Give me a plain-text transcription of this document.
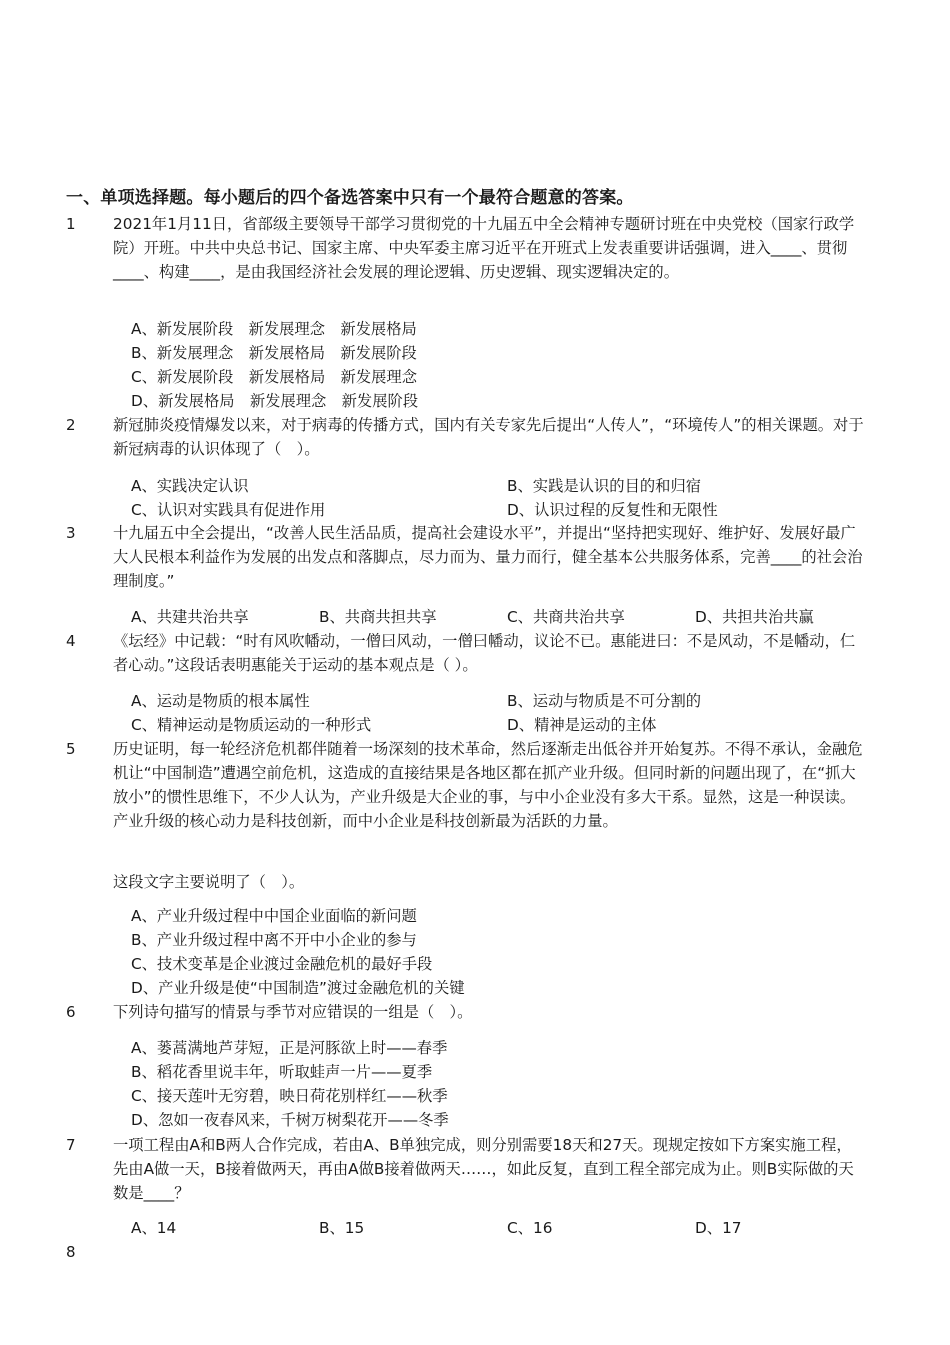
一、单项选择题。每小题后的四个备选答案中只有一个最符合题意的答案。
1 2021年1月11日，省部级主要领导干部学习贯彻党的十九届五中全会精神专题研讨班在中央党校（国家行政学院）开班。中共中央总书记、国家主席、中央军委主席习近平在开班式上发表重要讲话强调，进入____、贯彻____、构建____，是由我国经济社会发展的理论逻辑、历史逻辑、现实逻辑决定的。
A、新发展阶段　新发展理念　新发展格局
B、新发展理念　新发展格局　新发展阶段
C、新发展阶段　新发展格局　新发展理念
D、新发展格局　新发展理念　新发展阶段
2 新冠肺炎疫情爆发以来，对于病毒的传播方式，国内有关专家先后提出“人传人”，“环境传人”的相关课题。对于新冠病毒的认识体现了（　）。
A、实践决定认识	B、实践是认识的目的和归宿
C、认识对实践具有促进作用	D、认识过程的反复性和无限性
3 十九届五中全会提出，“改善人民生活品质，提高社会建设水平”，并提出“坚持把实现好、维护好、发展好最广大人民根本利益作为发展的出发点和落脚点，尽力而为、量力而行，健全基本公共服务体系，完善____的社会治理制度。”
A、共建共治共享	B、共商共担共享	C、共商共治共享	D、共担共治共赢
4 《坛经》中记载：“时有风吹幡动，一僧曰风动，一僧曰幡动，议论不已。惠能进曰：不是风动，不是幡动，仁者心动。”这段话表明惠能关于运动的基本观点是（ ）。
A、运动是物质的根本属性	B、运动与物质是不可分割的
C、精神运动是物质运动的一种形式	D、精神是运动的主体
5 历史证明，每一轮经济危机都伴随着一场深刻的技术革命，然后逐渐走出低谷并开始复苏。不得不承认，金融危机让“中国制造”遭遇空前危机，这造成的直接结果是各地区都在抓产业升级。但同时新的问题出现了，在“抓大放小”的惯性思维下，不少人认为，产业升级是大企业的事，与中小企业没有多大干系。显然，这是一种误读。产业升级的核心动力是科技创新，而中小企业是科技创新最为活跃的力量。
这段文字主要说明了（　）。
A、产业升级过程中中国企业面临的新问题
B、产业升级过程中离不开中小企业的参与
C、技术变革是企业渡过金融危机的最好手段
D、产业升级是使“中国制造”渡过金融危机的关键
6 下列诗句描写的情景与季节对应错误的一组是（　）。
A、蒌蒿满地芦芽短，正是河豚欲上时——春季
B、稻花香里说丰年，听取蛙声一片——夏季
C、接天莲叶无穷碧，映日荷花别样红——秋季
D、忽如一夜春风来，千树万树梨花开——冬季
7 一项工程由A和B两人合作完成，若由A、B单独完成，则分别需要18天和27天。现规定按如下方案实施工程，先由A做一天，B接着做两天，再由A做B接着做两天……，如此反复，直到工程全部完成为止。则B实际做的天数是____？
A、14	B、15	C、16	D、17
8
